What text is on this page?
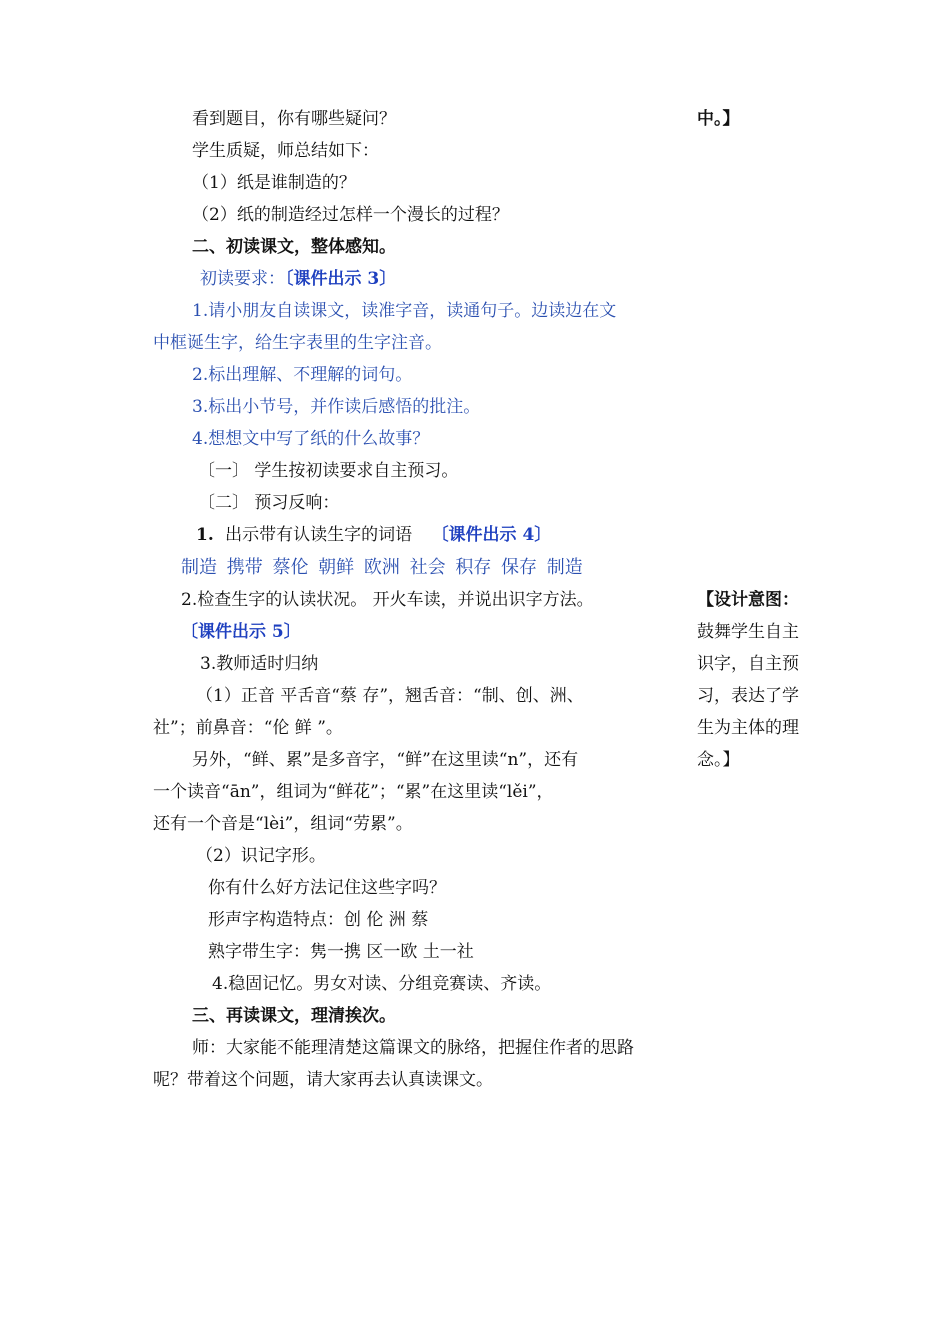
看到题目，你有哪些疑问？
学生质疑，师总结如下：
（1）纸是谁制造的？
（2）纸的制造经过怎样一个漫长的过程？
二、初读课文，整体感知。
初读要求：〔课件出示 3〕
1.请小朋友自读课文，读准字音，读通句子。边读边在文
中框诞生字，给生字表里的生字注音。
2.标出理解、不理解的词句。
3.标出小节号，并作读后感悟的批注。
4.想想文中写了纸的什么故事？
〔一〕 学生按初读要求自主预习。
〔二〕 预习反响：
1. 出示带有认读生字的词语 〔课件出示 4〕
制造 携带 蔡伦 朝鲜 欧洲 社会 积存 保存 制造
2.检查生字的认读状况。 开火车读，并说出识字方法。
〔课件出示 5〕
3.教师适时归纳
（1）正音 平舌音“蔡 存”，翘舌音：“制、创、洲、
社”；前鼻音：“伦 鲜 ”。
另外，“鲜、累”是多音字，“鲜”在这里读“n”，还有
一个读音“ān”，组词为“鲜花”；“累”在这里读“lěi”，
还有一个音是“lèi”，组词“劳累”。
（2）识记字形。
你有什么好方法记住这些字吗？
形声字构造特点：创 伦 洲 蔡
熟字带生字：隽一携 区一欧 土一社
4.稳固记忆。男女对读、分组竞赛读、齐读。
三、再读课文，理清挨次。
师：大家能不能理清楚这篇课文的脉络，把握住作者的思路
呢？带着这个问题，请大家再去认真读课文。
中。】
【设计意图：
鼓舞学生自主
识字，自主预
习，表达了学
生为主体的理
念。】
